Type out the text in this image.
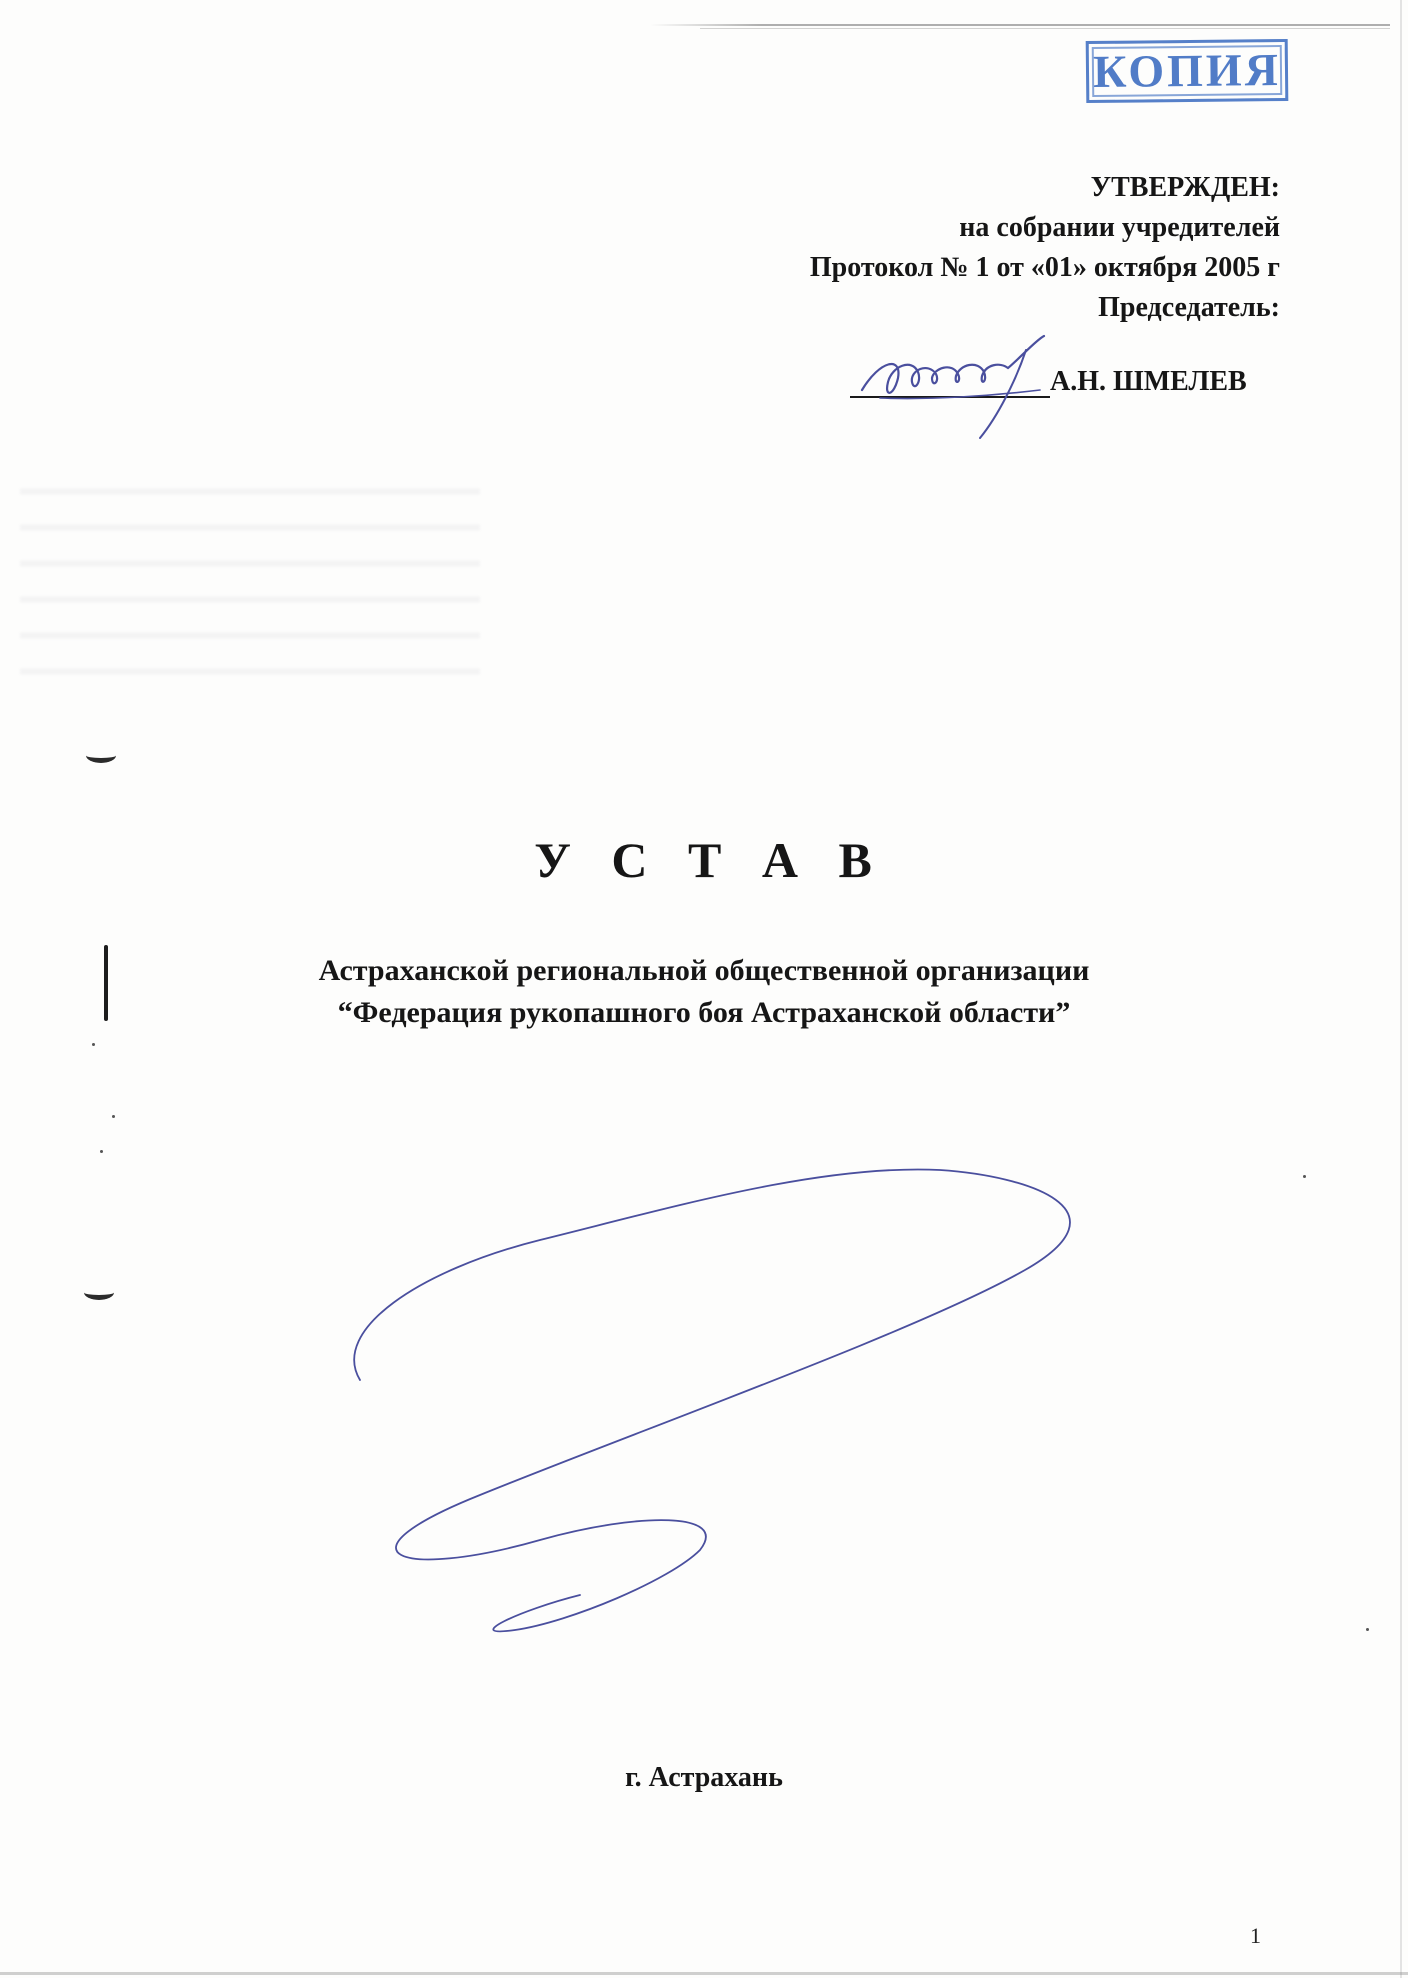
КОПИЯ
УТВЕРЖДЕН:
на собрании учредителей
Протокол № 1 от «01» октября 2005 г
Председатель:
А.Н. ШМЕЛЕВ
У С Т А В
Астраханской региональной общественной организации
“Федерация рукопашного боя Астраханской области”
г. Астрахань
1
